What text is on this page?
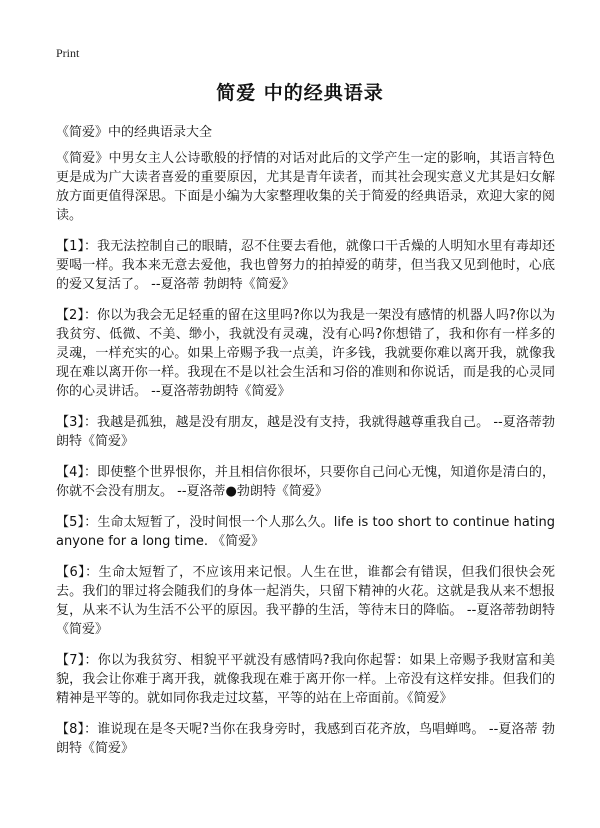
Print
简爱 中的经典语录
《简爱》中的经典语录大全

《简爱》中男女主人公诗歌般的抒情的对话对此后的文学产生一定的影响，其语言特色更是成为广大读者喜爱的重要原因，尤其是青年读者，而其社会现实意义尤其是妇女解放方面更值得深思。下面是小编为大家整理收集的关于简爱的经典语录，欢迎大家的阅读。

【1】：我无法控制自己的眼睛，忍不住要去看他，就像口干舌燥的人明知水里有毒却还要喝一样。我本来无意去爱他，我也曾努力的拍掉爱的萌芽，但当我又见到他时，心底的爱又复活了。 --夏洛蒂 勃朗特《简爱》

【2】：你以为我会无足轻重的留在这里吗?你以为我是一架没有感情的机器人吗?你以为我贫穷、低微、不美、缈小，我就没有灵魂，没有心吗?你想错了，我和你有一样多的灵魂，一样充实的心。如果上帝赐予我一点美，许多钱，我就要你难以离开我，就像我现在难以离开你一样。我现在不是以社会生活和习俗的准则和你说话，而是我的心灵同你的心灵讲话。 --夏洛蒂勃朗特《简爱》

【3】：我越是孤独，越是没有朋友，越是没有支持，我就得越尊重我自己。 --夏洛蒂勃朗特《简爱》

【4】：即使整个世界恨你，并且相信你很坏，只要你自己问心无愧，知道你是清白的，你就不会没有朋友。 --夏洛蒂●勃朗特《简爱》

【5】：生命太短暂了，没时间恨一个人那么久。life is too short to continue hating anyone for a long time. 《简爱》

【6】：生命太短暂了，不应该用来记恨。人生在世，谁都会有错误，但我们很快会死去。我们的罪过将会随我们的身体一起消失，只留下精神的火花。这就是我从来不想报复，从来不认为生活不公平的原因。我平静的生活，等待末日的降临。 --夏洛蒂勃朗特《简爱》

【7】：你以为我贫穷、相貌平平就没有感情吗?我向你起誓：如果上帝赐予我财富和美貌，我会让你难于离开我，就像我现在难于离开你一样。上帝没有这样安排。但我们的精神是平等的。就如同你我走过坟墓，平等的站在上帝面前。《简爱》

【8】：谁说现在是冬天呢?当你在我身旁时，我感到百花齐放，鸟唱蝉鸣。 --夏洛蒂 勃朗特《简爱》
